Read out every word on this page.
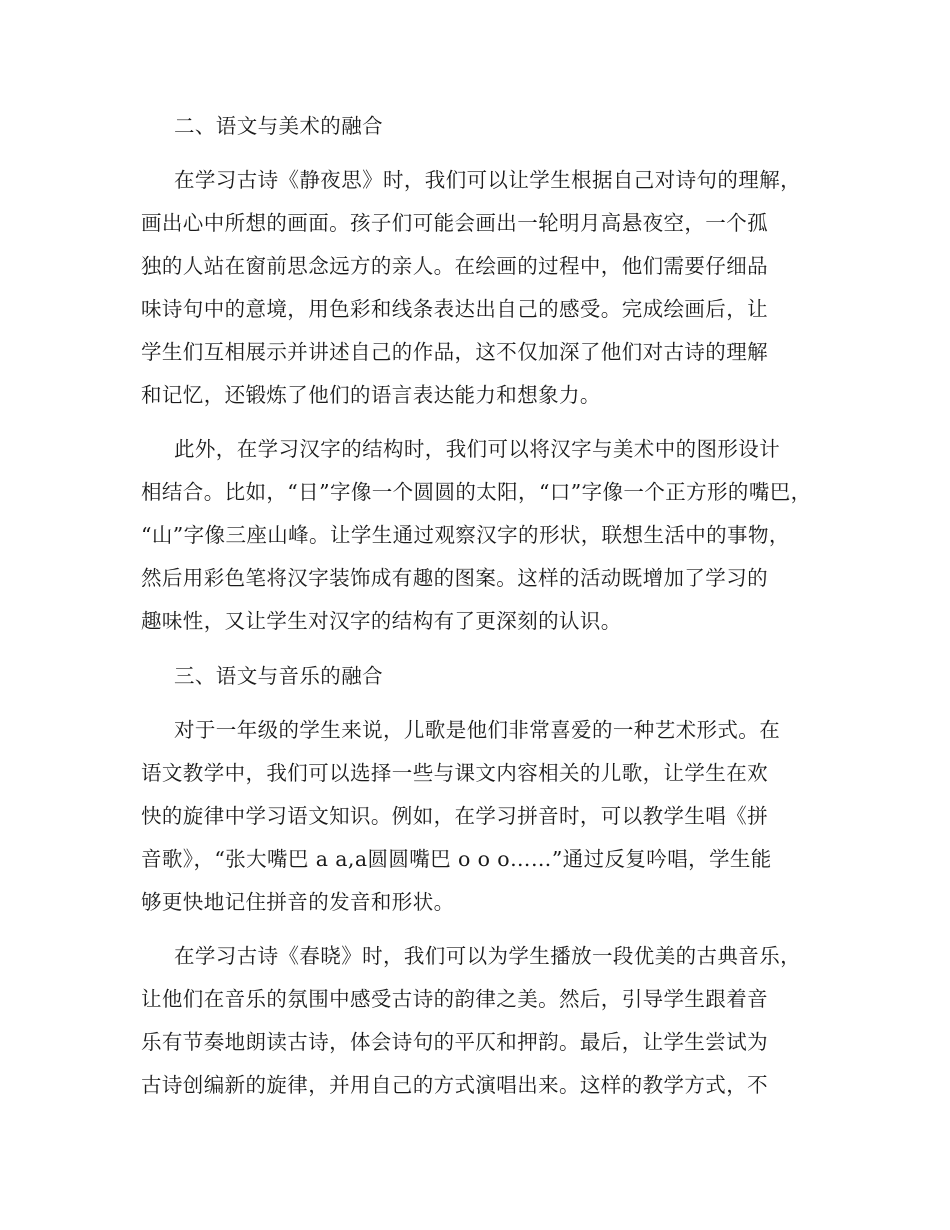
二、语文与美术的融合
在学习古诗《静夜思》时，我们可以让学生根据自己对诗句的理解，
画出心中所想的画面。孩子们可能会画出一轮明月高悬夜空，一个孤
独的人站在窗前思念远方的亲人。在绘画的过程中，他们需要仔细品
味诗句中的意境，用色彩和线条表达出自己的感受。完成绘画后，让
学生们互相展示并讲述自己的作品，这不仅加深了他们对古诗的理解
和记忆，还锻炼了他们的语言表达能力和想象力。
此外，在学习汉字的结构时，我们可以将汉字与美术中的图形设计
相结合。比如，“日”字像一个圆圆的太阳，“口”字像一个正方形的嘴巴，
“山”字像三座山峰。让学生通过观察汉字的形状，联想生活中的事物，
然后用彩色笔将汉字装饰成有趣的图案。这样的活动既增加了学习的
趣味性，又让学生对汉字的结构有了更深刻的认识。
三、语文与音乐的融合
对于一年级的学生来说，儿歌是他们非常喜爱的一种艺术形式。在
语文教学中，我们可以选择一些与课文内容相关的儿歌，让学生在欢
快的旋律中学习语文知识。例如，在学习拼音时，可以教学生唱《拼
音歌》，“张大嘴巴 a a,a圆圆嘴巴 o o o……”通过反复吟唱，学生能
够更快地记住拼音的发音和形状。
在学习古诗《春晓》时，我们可以为学生播放一段优美的古典音乐，
让他们在音乐的氛围中感受古诗的韵律之美。然后，引导学生跟着音
乐有节奏地朗读古诗，体会诗句的平仄和押韵。最后，让学生尝试为
古诗创编新的旋律，并用自己的方式演唱出来。这样的教学方式，不
